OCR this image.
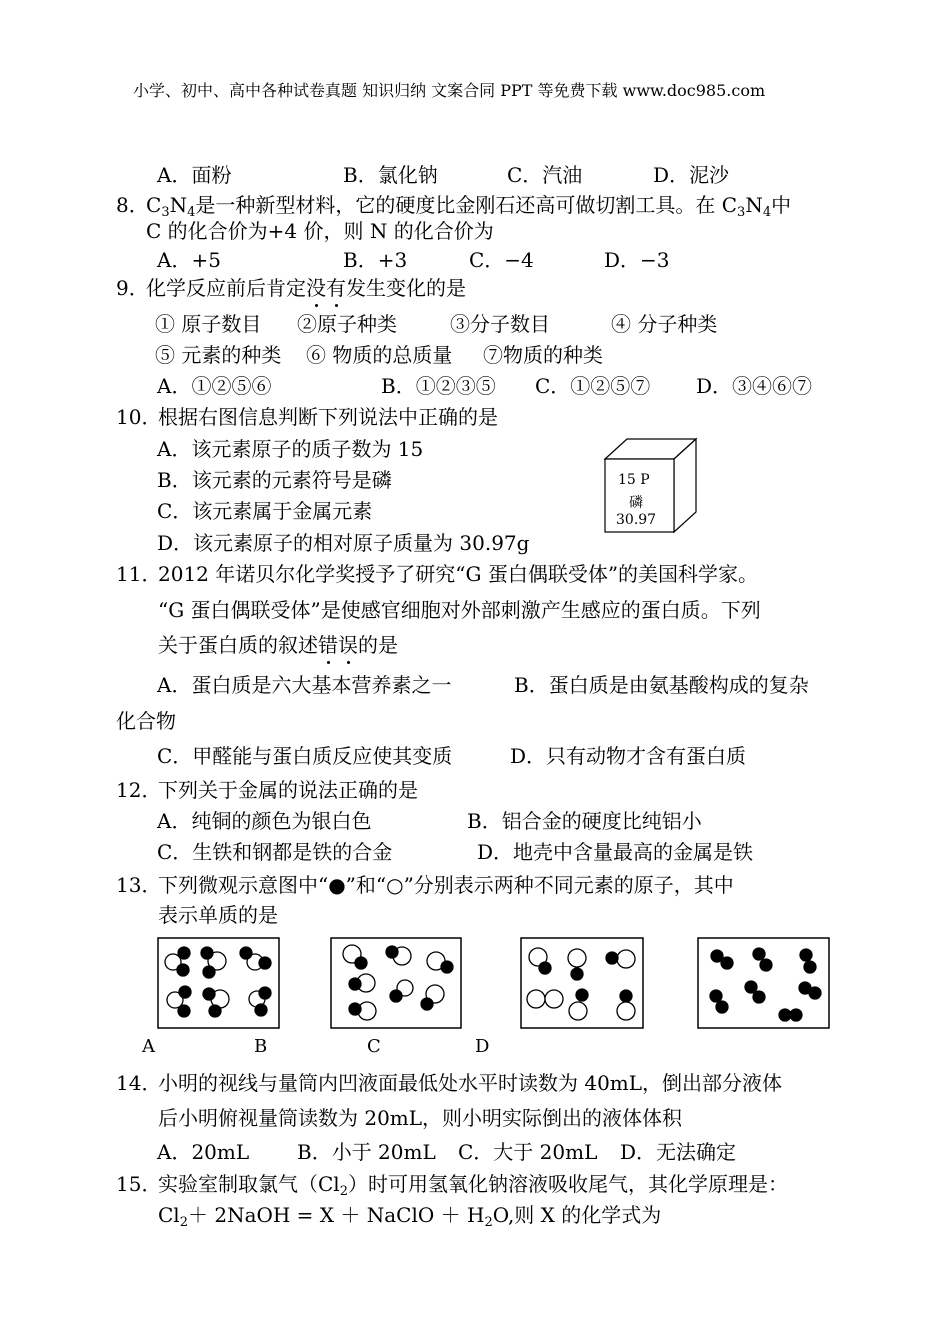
小学、初中、高中各种试卷真题 知识归纳 文案合同 PPT 等免费下载 www.doc985.com
A．面粉	B．氯化钠	C．汽油	D．泥沙
8．
$C_3N_4$是一种新型材料，它的硬度比金刚石还高可做切割工具。在 $C_3N_4$中
C 的化合价为+4 价，则 N 的化合价为
A．+5	B．+3	C．−4	D．−3
9．
化学反应前后肯定没有发生变化的是
① 原子数目 ②原子种类	③分子数目	④ 分子种类
⑤ 元素的种类 ⑥ 物质的总质量 ⑦物质的种类
A．①②⑤⑥	B．①②③⑤ C．①②⑤⑦ D．③④⑥⑦
10．
根据右图信息判断下列说法中正确的是
A．该元素原子的质子数为 15
B．该元素的元素符号是磷
C．该元素属于金属元素
D．该元素原子的相对原子质量为 30.97g
15 P
磷
30.97
11．
2012 年诺贝尔化学奖授予了研究“G 蛋白偶联受体”的美国科学家。
“G 蛋白偶联受体”是使感官细胞对外部刺激产生感应的蛋白质。下列
关于蛋白质的叙述错误的是
A．蛋白质是六大基本营养素之一	B．蛋白质是由氨基酸构成的复杂
化合物
C．甲醛能与蛋白质反应使其变质	D．只有动物才含有蛋白质
12．
下列关于金属的说法正确的是
A．纯铜的颜色为银白色	B．铝合金的硬度比纯铝小
C．生铁和钢都是铁的合金	D．地壳中含量最高的金属是铁
13．
下列微观示意图中“●”和“○”分别表示两种不同元素的原子，其中
表示单质的是
A	B	C	D
14．
小明的视线与量筒内凹液面最低处水平时读数为 40mL，倒出部分液体
后小明俯视量筒读数为 20mL，则小明实际倒出的液体体积
A．20mL B．小于 20mL C．大于 20mL D．无法确定
15．
实验室制取氯气$(Cl_2)$时可用氢氧化钠溶液吸收尾气，其化学原理是：
$Cl_2+$ 2NaOH = X ＋ NaClO ＋ $H_2O$,则 X 的化学式为
